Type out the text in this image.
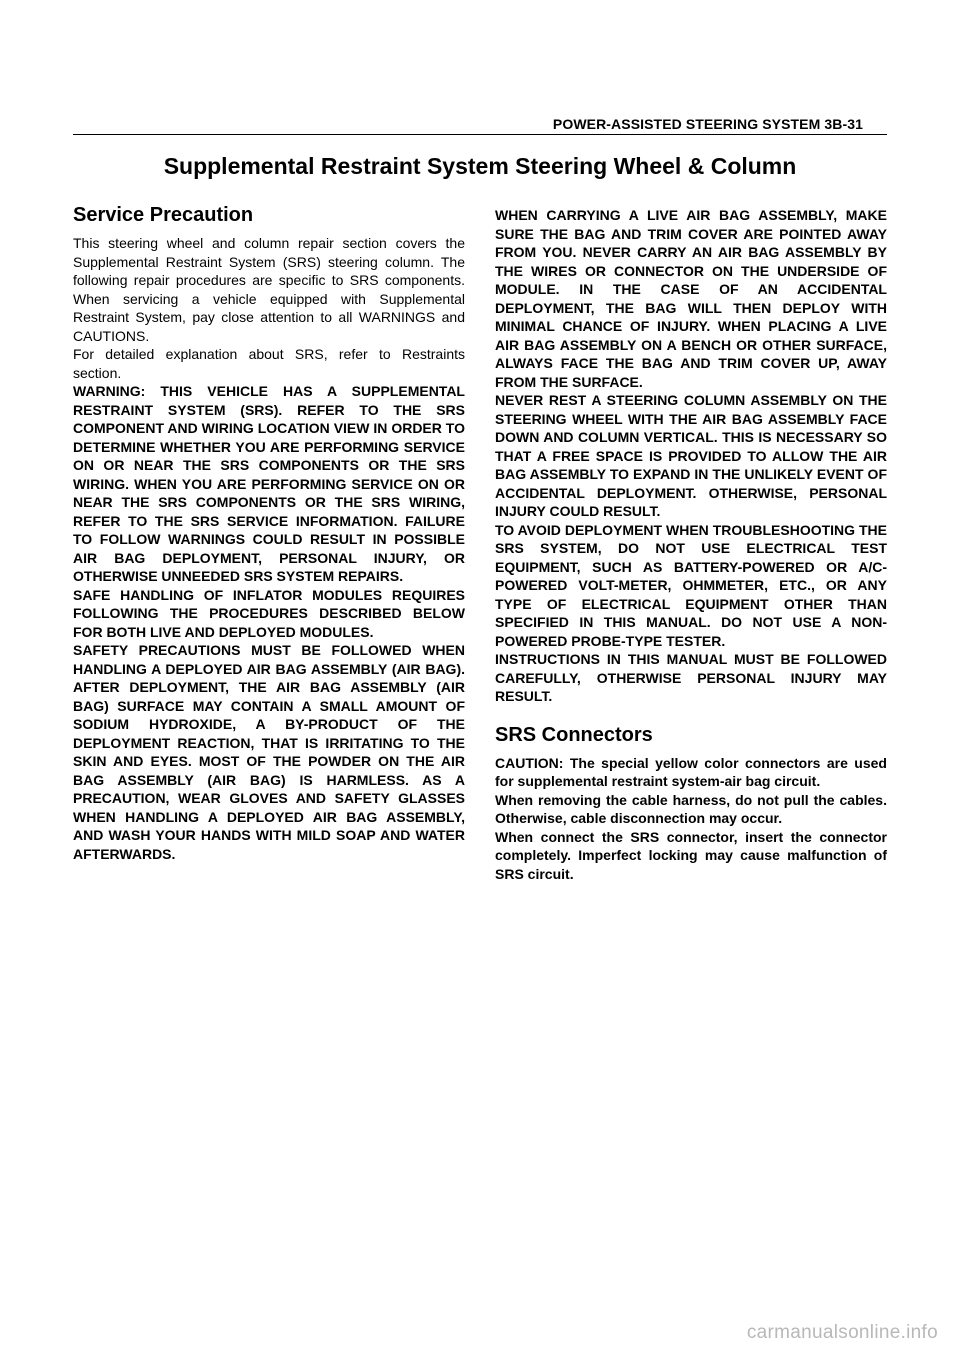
POWER-ASSISTED STEERING SYSTEM 3B-31
Supplemental Restraint System Steering Wheel & Column
Service Precaution

This steering wheel and column repair section covers the Supplemental Restraint System (SRS) steering column. The following repair procedures are specific to SRS components. When servicing a vehicle equipped with Supplemental Restraint System, pay close attention to all WARNINGS and CAUTIONS.

For detailed explanation about SRS, refer to Restraints section.

WARNING: THIS VEHICLE HAS A SUPPLEMENTAL RESTRAINT SYSTEM (SRS). REFER TO THE SRS COMPONENT AND WIRING LOCATION VIEW IN ORDER TO DETERMINE WHETHER YOU ARE PERFORMING SERVICE ON OR NEAR THE SRS COMPONENTS OR THE SRS WIRING. WHEN YOU ARE PERFORMING SERVICE ON OR NEAR THE SRS COMPONENTS OR THE SRS WIRING, REFER TO THE SRS SERVICE INFORMATION. FAILURE TO FOLLOW WARNINGS COULD RESULT IN POSSIBLE AIR BAG DEPLOYMENT, PERSONAL INJURY, OR OTHERWISE UNNEEDED SRS SYSTEM REPAIRS.

SAFE HANDLING OF INFLATOR MODULES REQUIRES FOLLOWING THE PROCEDURES DESCRIBED BELOW FOR BOTH LIVE AND DEPLOYED MODULES.

SAFETY PRECAUTIONS MUST BE FOLLOWED WHEN HANDLING A DEPLOYED AIR BAG ASSEMBLY (AIR BAG). AFTER DEPLOYMENT, THE AIR BAG ASSEMBLY (AIR BAG) SURFACE MAY CONTAIN A SMALL AMOUNT OF SODIUM HYDROXIDE, A BY-PRODUCT OF THE DEPLOYMENT REACTION, THAT IS IRRITATING TO THE SKIN AND EYES. MOST OF THE POWDER ON THE AIR BAG ASSEMBLY (AIR BAG) IS HARMLESS. AS A PRECAUTION, WEAR GLOVES AND SAFETY GLASSES WHEN HANDLING A DEPLOYED AIR BAG ASSEMBLY, AND WASH YOUR HANDS WITH MILD SOAP AND WATER AFTERWARDS.

WHEN CARRYING A LIVE AIR BAG ASSEMBLY, MAKE SURE THE BAG AND TRIM COVER ARE POINTED AWAY FROM YOU. NEVER CARRY AN AIR BAG ASSEMBLY BY THE WIRES OR CONNECTOR ON THE UNDERSIDE OF MODULE. IN THE CASE OF AN ACCIDENTAL DEPLOYMENT, THE BAG WILL THEN DEPLOY WITH MINIMAL CHANCE OF INJURY. WHEN PLACING A LIVE AIR BAG ASSEMBLY ON A BENCH OR OTHER SURFACE, ALWAYS FACE THE BAG AND TRIM COVER UP, AWAY FROM THE SURFACE.

NEVER REST A STEERING COLUMN ASSEMBLY ON THE STEERING WHEEL WITH THE AIR BAG ASSEMBLY FACE DOWN AND COLUMN VERTICAL. THIS IS NECESSARY SO THAT A FREE SPACE IS PROVIDED TO ALLOW THE AIR BAG ASSEMBLY TO EXPAND IN THE UNLIKELY EVENT OF ACCIDENTAL DEPLOYMENT. OTHERWISE, PERSONAL INJURY COULD RESULT.

TO AVOID DEPLOYMENT WHEN TROUBLESHOOTING THE SRS SYSTEM, DO NOT USE ELECTRICAL TEST EQUIPMENT, SUCH AS BATTERY-POWERED OR A/C-POWERED VOLT-METER, OHMMETER, ETC., OR ANY TYPE OF ELECTRICAL EQUIPMENT OTHER THAN SPECIFIED IN THIS MANUAL. DO NOT USE A NON-POWERED PROBE-TYPE TESTER.

INSTRUCTIONS IN THIS MANUAL MUST BE FOLLOWED CAREFULLY, OTHERWISE PERSONAL INJURY MAY RESULT.

SRS Connectors

CAUTION: The special yellow color connectors are used for supplemental restraint system-air bag circuit.

When removing the cable harness, do not pull the cables. Otherwise, cable disconnection may occur.

When connect the SRS connector, insert the connector completely. Imperfect locking may cause malfunction of SRS circuit.

carmanualsonline.info
